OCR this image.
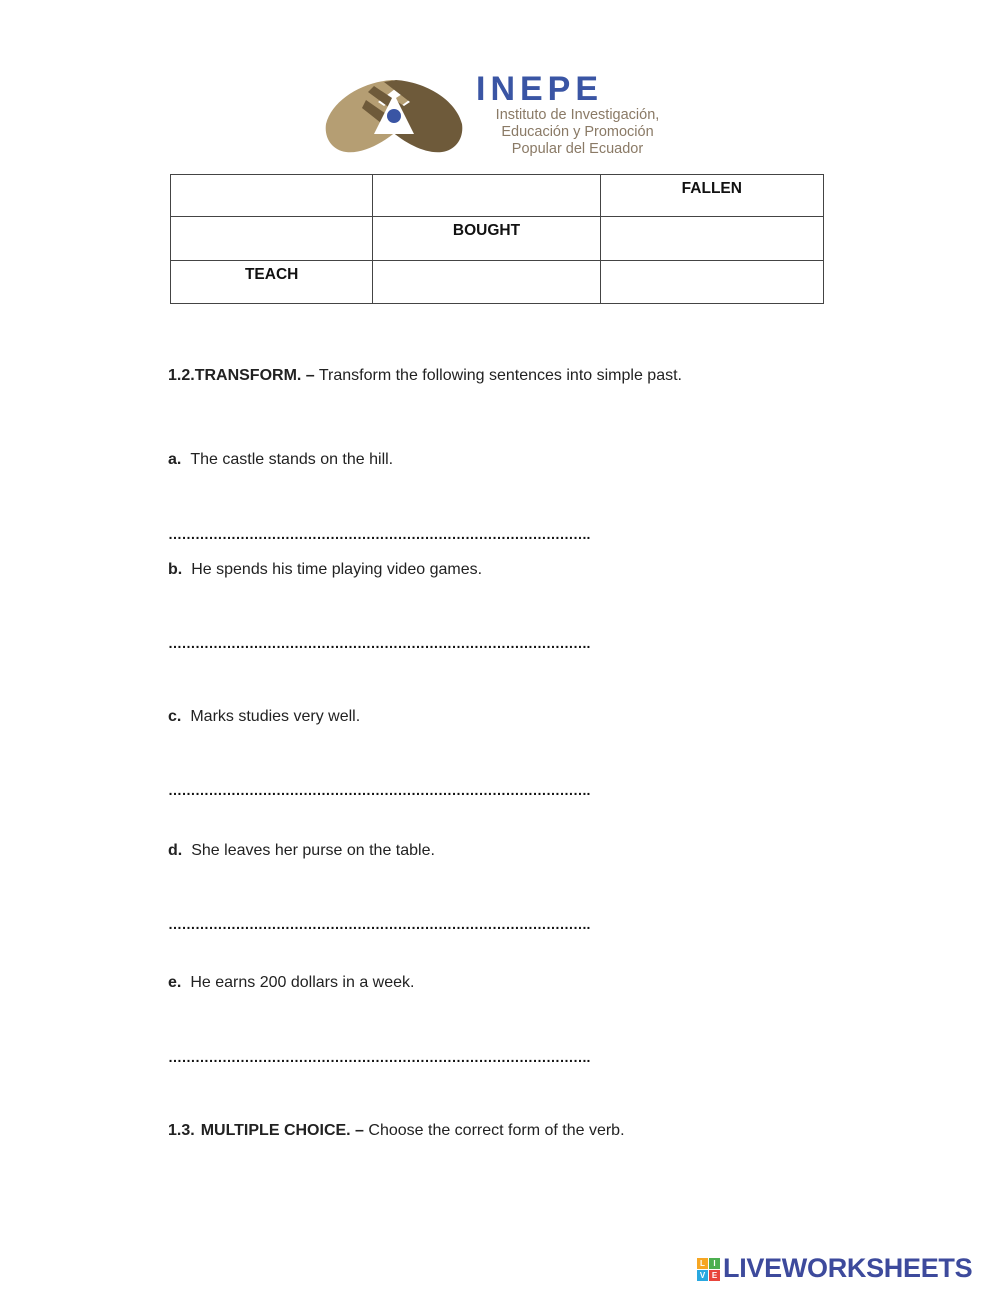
INEPE
Instituto de Investigación,
Educación y Promoción
Popular del Ecuador
		FALLEN
	BOUGHT	
TEACH		
1.2.TRANSFORM. – Transform the following sentences into simple past.
a. The castle stands on the hill.
………………………………………………………………………………….
b. He spends his time playing video games.
………………………………………………………………………………….
c. Marks studies very well.
………………………………………………………………………………….
d. She leaves her purse on the table.
………………………………………………………………………………….
e. He earns 200 dollars in a week.
………………………………………………………………………………….
1.3. MULTIPLE CHOICE. – Choose the correct form of the verb.
L	I
V E LIVEWORKSHEETS
